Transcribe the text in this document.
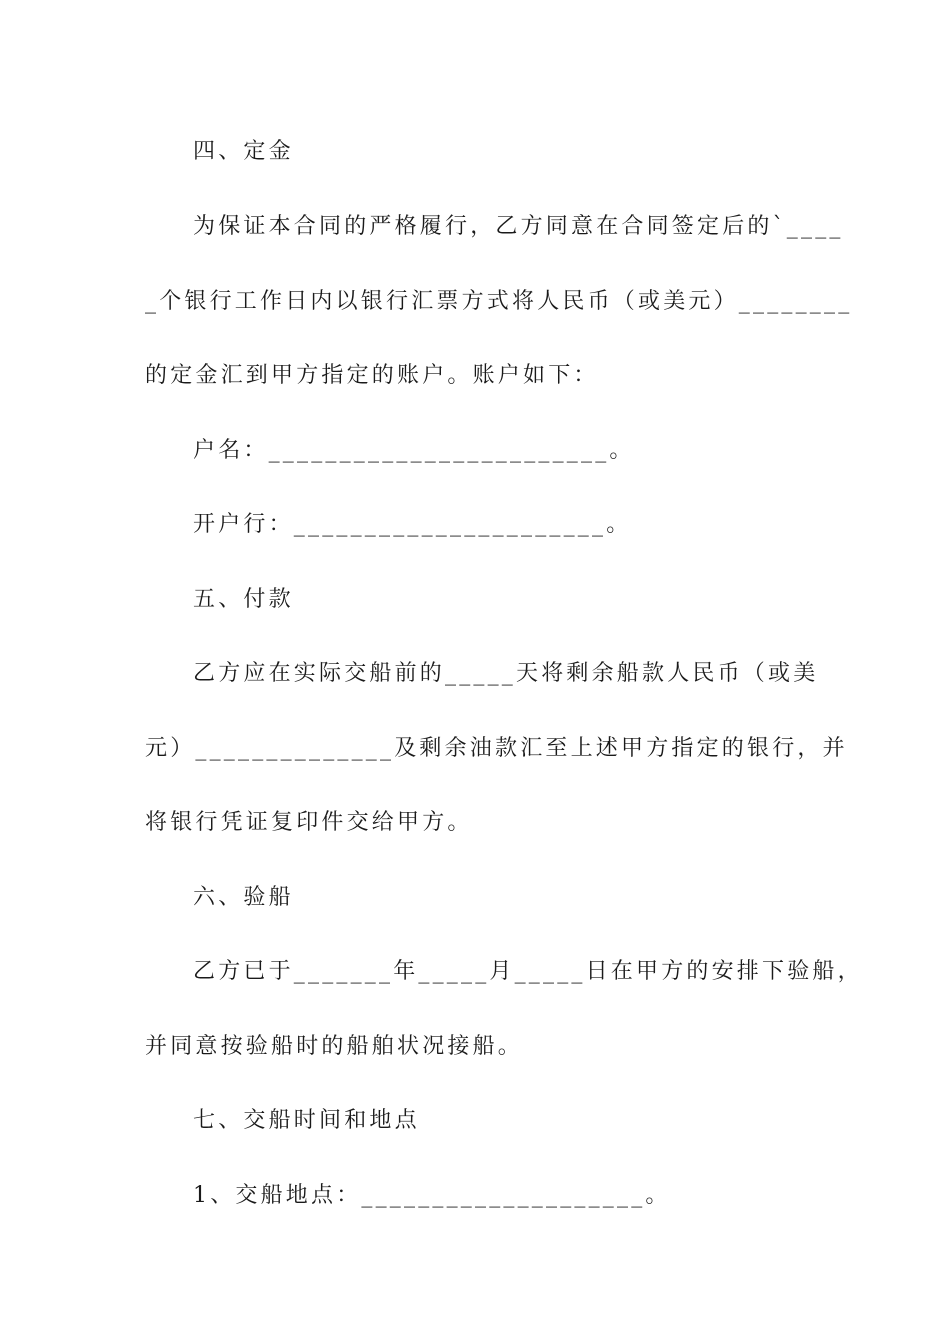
四、定金
为保证本合同的严格履行，乙方同意在合同签定后的`____
_个银行工作日内以银行汇票方式将人民币（或美元）________
的定金汇到甲方指定的账户。账户如下：
户名：________________________。
开户行：______________________。
五、付款
乙方应在实际交船前的_____天将剩余船款人民币（或美
元）______________及剩余油款汇至上述甲方指定的银行，并
将银行凭证复印件交给甲方。
六、验船
乙方已于_______年_____月_____日在甲方的安排下验船，
并同意按验船时的船舶状况接船。
七、交船时间和地点
1、交船地点：____________________。
